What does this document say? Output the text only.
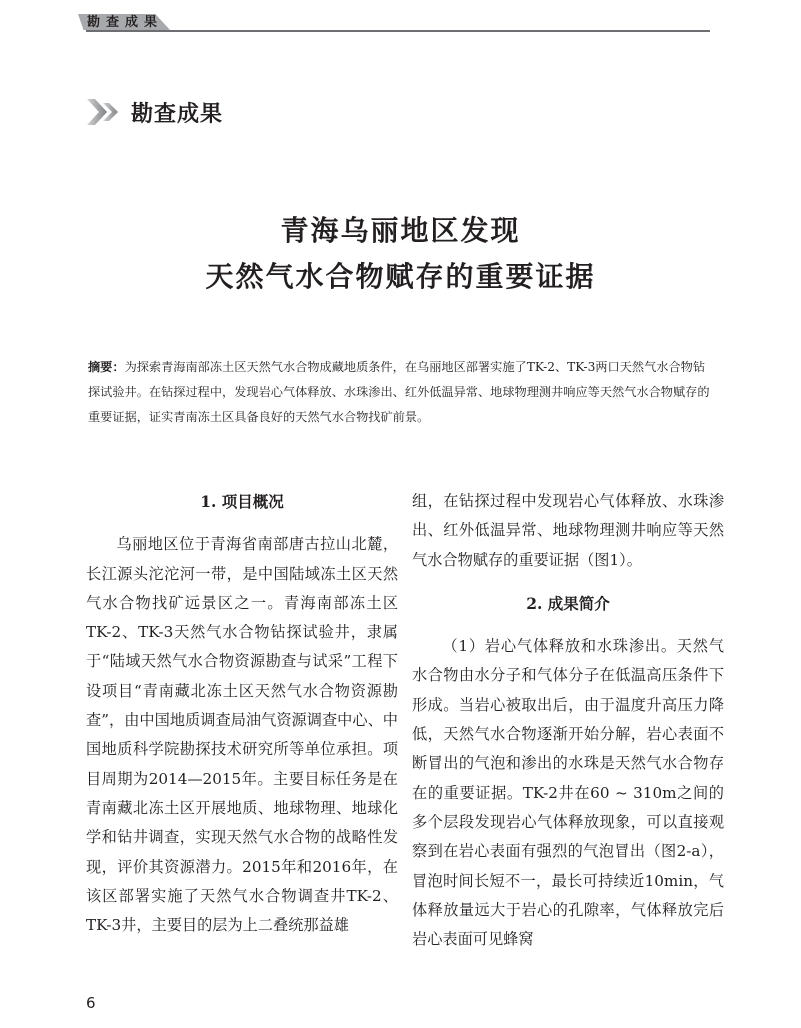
勘查成果
勘查成果
青海乌丽地区发现
天然气水合物赋存的重要证据
摘要：为探索青海南部冻土区天然气水合物成藏地质条件，在乌丽地区部署实施了TK-2、TK-3两口天然气水合物钻探试验井。在钻探过程中，发现岩心气体释放、水珠渗出、红外低温异常、地球物理测井响应等天然气水合物赋存的重要证据，证实青南冻土区具备良好的天然气水合物找矿前景。
1. 项目概况

乌丽地区位于青海省南部唐古拉山北麓，长江源头沱沱河一带，是中国陆域冻土区天然气水合物找矿远景区之一。青海南部冻土区TK-2、TK-3天然气水合物钻探试验井，隶属于“陆域天然气水合物资源勘查与试采”工程下设项目“青南藏北冻土区天然气水合物资源勘查”，由中国地质调查局油气资源调查中心、中国地质科学院勘探技术研究所等单位承担。项目周期为2014—2015年。主要目标任务是在青南藏北冻土区开展地质、地球物理、地球化学和钻井调查，实现天然气水合物的战略性发现，评价其资源潜力。2015年和2016年，在该区部署实施了天然气水合物调查井TK-2、TK-3井，主要目的层为上二叠统那益雄

组，在钻探过程中发现岩心气体释放、水珠渗出、红外低温异常、地球物理测井响应等天然气水合物赋存的重要证据（图1）。

2. 成果简介

（1）岩心气体释放和水珠渗出。天然气水合物由水分子和气体分子在低温高压条件下形成。当岩心被取出后，由于温度升高压力降低，天然气水合物逐渐开始分解，岩心表面不断冒出的气泡和渗出的水珠是天然气水合物存在的重要证据。TK-2井在60 ~ 310m之间的多个层段发现岩心气体释放现象，可以直接观察到在岩心表面有强烈的气泡冒出（图2-a），冒泡时间长短不一，最长可持续近10min，气体释放量远大于岩心的孔隙率，气体释放完后岩心表面可见蜂窝

6
